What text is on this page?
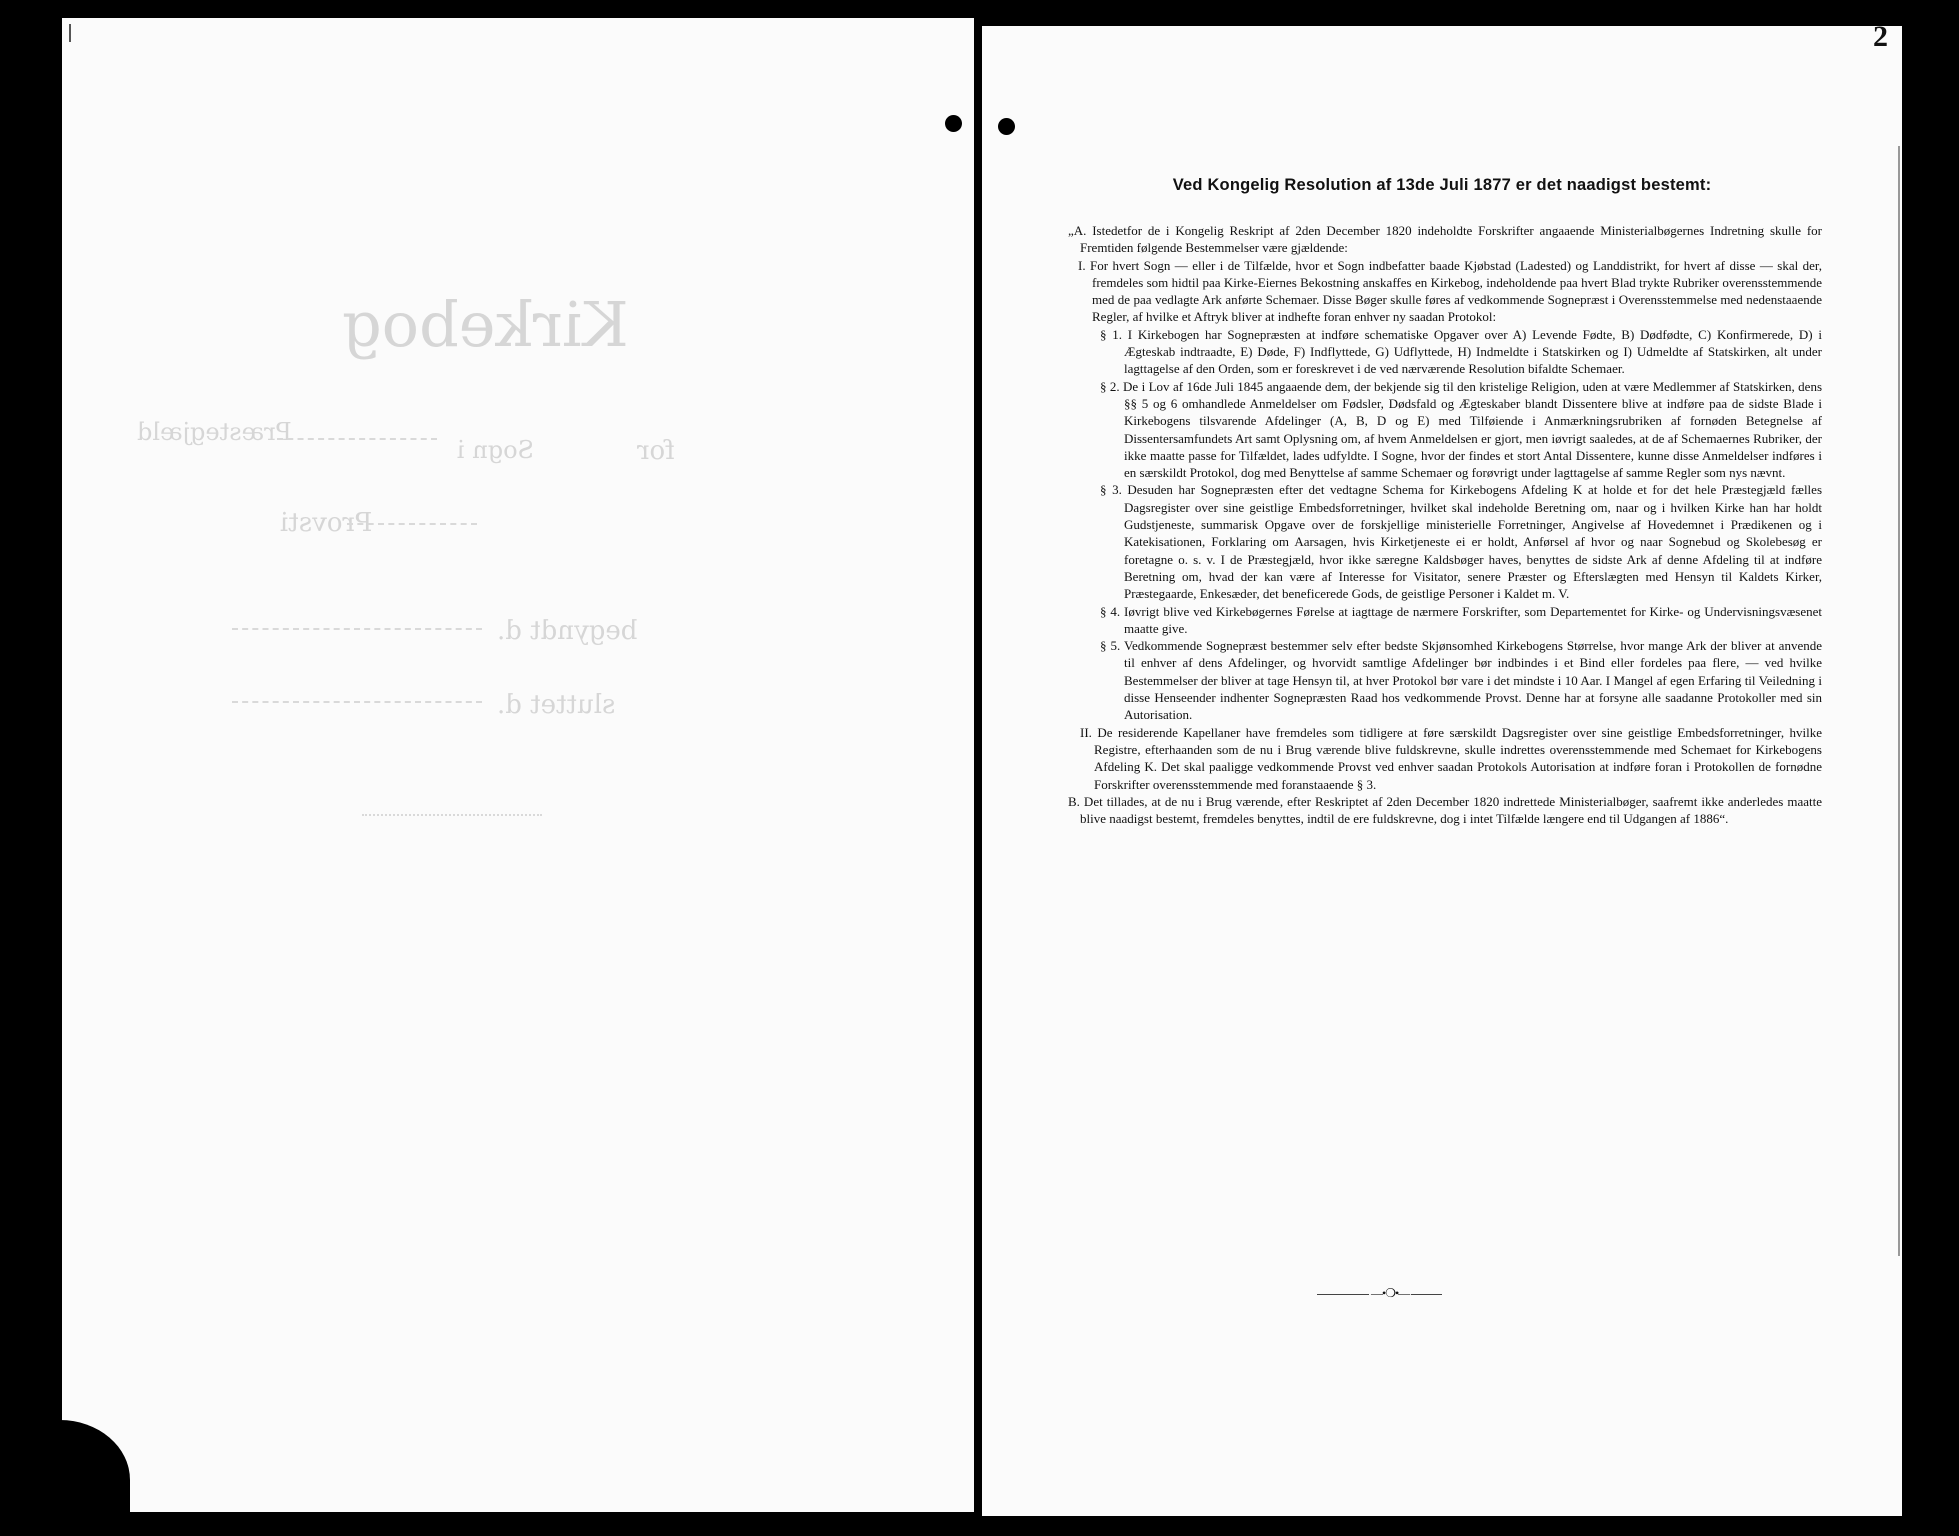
Kirkebog
for
Sogn i
Præstegjæld
Provsti
begyndt d.
sluttet d.
2
Ved Kongelig Resolution af 13de Juli 1877 er det naadigst bestemt:

„A. Istedetfor de i Kongelig Reskript af 2den December 1820 indeholdte Forskrifter angaaende Ministerialbøgernes Indretning skulle for Fremtiden følgende Bestemmelser være gjældende:

I. For hvert Sogn — eller i de Tilfælde, hvor et Sogn indbefatter baade Kjøbstad (Ladested) og Landdistrikt, for hvert af disse — skal der, fremdeles som hidtil paa Kirke-Eiernes Bekostning anskaffes en Kirkebog, indeholdende paa hvert Blad trykte Rubriker overensstemmende med de paa vedlagte Ark anførte Schemaer. Disse Bøger skulle føres af vedkommende Sognepræst i Overensstemmelse med nedenstaaende Regler, af hvilke et Aftryk bliver at indhefte foran enhver ny saadan Protokol:

§ 1. I Kirkebogen har Sognepræsten at indføre schematiske Opgaver over A) Levende Fødte, B) Dødfødte, C) Konfirmerede, D) i Ægteskab indtraadte, E) Døde, F) Indflyttede, G) Udflyttede, H) Indmeldte i Statskirken og I) Udmeldte af Statskirken, alt under lagttagelse af den Orden, som er foreskrevet i de ved nærværende Resolution bifaldte Schemaer.

§ 2. De i Lov af 16de Juli 1845 angaaende dem, der bekjende sig til den kristelige Religion, uden at være Medlemmer af Statskirken, dens §§ 5 og 6 omhandlede Anmeldelser om Fødsler, Dødsfald og Ægteskaber blandt Dissentere blive at indføre paa de sidste Blade i Kirkebogens tilsvarende Afdelinger (A, B, D og E) med Tilføiende i Anmærkningsrubriken af fornøden Betegnelse af Dissentersamfundets Art samt Oplysning om, af hvem Anmeldelsen er gjort, men iøvrigt saaledes, at de af Schemaernes Rubriker, der ikke maatte passe for Tilfældet, lades udfyldte. I Sogne, hvor der findes et stort Antal Dissentere, kunne disse Anmeldelser indføres i en særskildt Protokol, dog med Benyttelse af samme Schemaer og forøvrigt under lagttagelse af samme Regler som nys nævnt.

§ 3. Desuden har Sognepræsten efter det vedtagne Schema for Kirkebogens Afdeling K at holde et for det hele Præstegjæld fælles Dagsregister over sine geistlige Embedsforretninger, hvilket skal indeholde Beretning om, naar og i hvilken Kirke han har holdt Gudstjeneste, summarisk Opgave over de forskjellige ministerielle Forretninger, Angivelse af Hovedemnet i Prædikenen og i Katekisationen, Forklaring om Aarsagen, hvis Kirketjeneste ei er holdt, Anførsel af hvor og naar Sognebud og Skolebesøg er foretagne o. s. v. I de Præstegjæld, hvor ikke særegne Kaldsbøger haves, benyttes de sidste Ark af denne Afdeling til at indføre Beretning om, hvad der kan være af Interesse for Visitator, senere Præster og Efterslægten med Hensyn til Kaldets Kirker, Præstegaarde, Enkesæder, det beneficerede Gods, de geistlige Personer i Kaldet m. V.

§ 4. Iøvrigt blive ved Kirkebøgernes Førelse at iagttage de nærmere Forskrifter, som Departementet for Kirke- og Undervisningsvæsenet maatte give.

§ 5. Vedkommende Sognepræst bestemmer selv efter bedste Skjønsomhed Kirkebogens Størrelse, hvor mange Ark der bliver at anvende til enhver af dens Afdelinger, og hvorvidt samtlige Afdelinger bør indbindes i et Bind eller fordeles paa flere, — ved hvilke Bestemmelser der bliver at tage Hensyn til, at hver Protokol bør vare i det mindste i 10 Aar. I Mangel af egen Erfaring til Veiledning i disse Henseender indhenter Sognepræsten Raad hos vedkommende Provst. Denne har at forsyne alle saadanne Protokoller med sin Autorisation.

II. De residerende Kapellaner have fremdeles som tidligere at føre særskildt Dagsregister over sine geistlige Embedsforretninger, hvilke Registre, efterhaanden som de nu i Brug værende blive fuldskrevne, skulle indrettes overensstemmende med Schemaet for Kirkebogens Afdeling K. Det skal paaligge vedkommende Provst ved enhver saadan Protokols Autorisation at indføre foran i Protokollen de fornødne Forskrifter overensstemmende med foranstaaende § 3.

B. Det tillades, at de nu i Brug værende, efter Reskriptet af 2den December 1820 indrettede Ministerialbøger, saafremt ikke anderledes maatte blive naadigst bestemt, fremdeles benyttes, indtil de ere fuldskrevne, dog i intet Tilfælde længere end til Udgangen af 1886“.

—•❍•—
